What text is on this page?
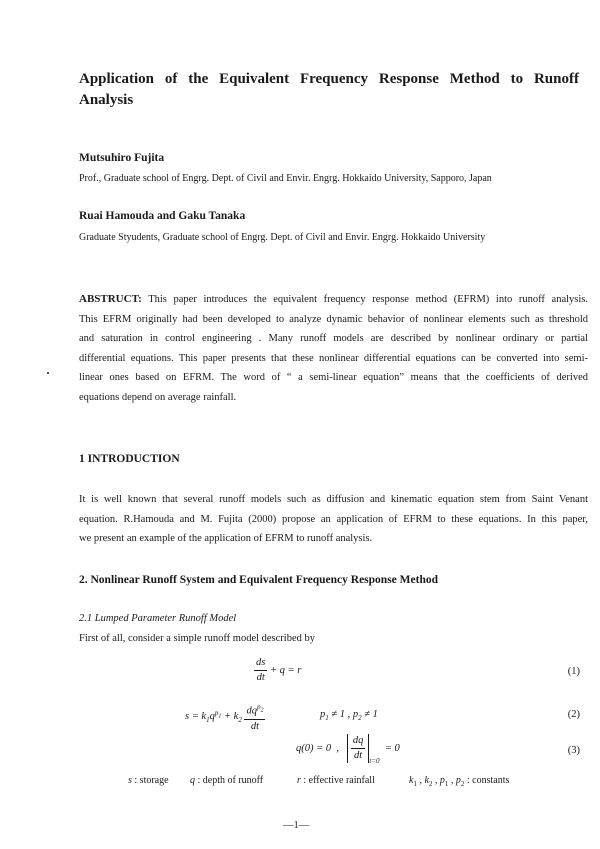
Application of the Equivalent Frequency Response Method to Runoff
Analysis
Mutsuhiro Fujita
Prof., Graduate school of Engrg. Dept. of Civil and Envir. Engrg. Hokkaido University, Sapporo, Japan
Ruai Hamouda and Gaku Tanaka
Graduate Styudents, Graduate school of Engrg. Dept. of Civil and Envir. Engrg. Hokkaido University
ABSTRUCT: This paper introduces the equivalent frequency response method (EFRM) into runoff analysis.
This EFRM originally had been developed to analyze dynamic behavior of nonlinear elements such as threshold
and saturation in control engineering . Many runoff models are described by nonlinear ordinary or partial
differential equations. This paper presents that these nonlinear differential equations can be converted into semi-
linear ones based on EFRM. The word of “ a semi-linear equation” means that the coefficients of derived
equations depend on average rainfall.
1 INTRODUCTION
It is well known that several runoff models such as diffusion and kinematic equation stem from Saint Venant
equation. R.Hamouda and M. Fujita (2000) propose an application of EFRM to these equations. In this paper,
we present an example of the application of EFRM to runoff analysis.
2. Nonlinear Runoff System and Equivalent Frequency Response Method
2.1 Lumped Parameter Runoff Model
First of all, consider a simple runoff model described by
$\frac{ds}{dt} + q = r$	(1)
$s = k_1q^{p_1} + k_2 \frac{dq^{p_2}}{dt}$	$p_1 \ne 1$ , $p_2 \ne 1$	(2)
q(0) = 0  , $\frac{dq}{dt} _{t=0} = 0$	(3)
s : storage q : depth of runoff	r : effective rainfall	$k_1$ , $k_2$ , $p_1$ , $p_2$ : constants
—1—
